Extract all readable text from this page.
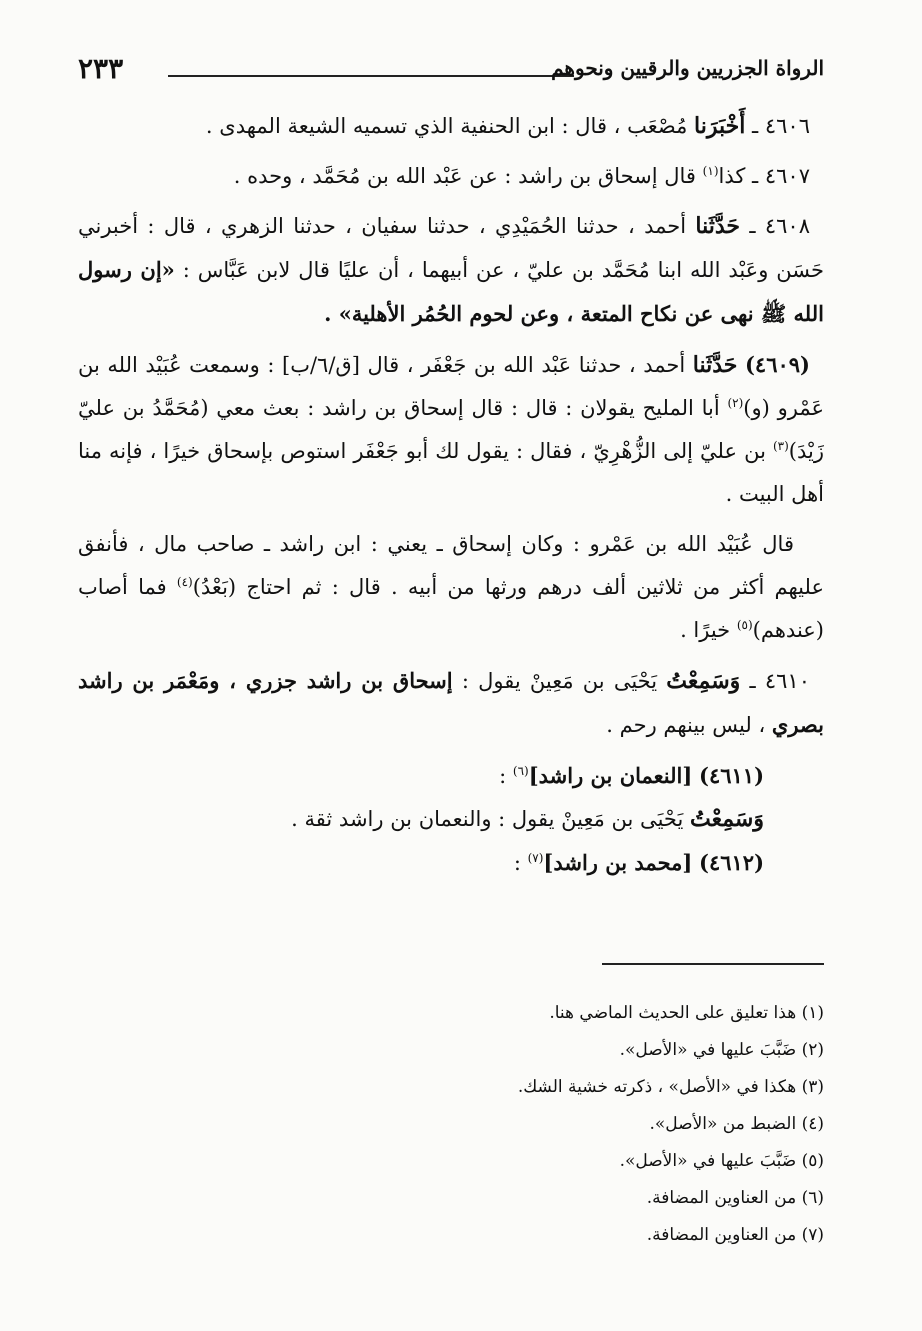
٢٣٣	الرواة الجزريين والرقيين ونحوهم

٤٦٠٦ ـ أَخْبَرَنا مُصْعَب ، قال : ابن الحنفية الذي تسميه الشيعة المهدى .

٤٦٠٧ ـ كذا$^{(١)}$ قال إسحاق بن راشد : عن عَبْد الله بن مُحَمَّد ، وحده .

٤٦٠٨ ـ حَدَّثَنا أحمد ، حدثنا الحُمَيْدِي ، حدثنا سفيان ، حدثنا الزهري ، قال : أخبرني حَسَن وعَبْد الله ابنا مُحَمَّد بن عليّ ، عن أبيهما ، أن عليًا قال لابن عَبَّاس : «إن رسول الله ﷺ نهى عن نكاح المتعة ، وعن لحوم الحُمُر الأهلية» .

(٤٦٠٩) حَدَّثَنا أحمد ، حدثنا عَبْد الله بن جَعْفَر ، قال [ق/٦/ب] : وسمعت عُبَيْد الله بن عَمْرو (و)$^{(٢)}$ أبا المليح يقولان : قال : قال إسحاق بن راشد : بعث معي (مُحَمَّدُ بن عليّ زَيْدَ)$^{(٣)}$ بن عليّ إلى الزُّهْرِيّ ، فقال : يقول لك أبو جَعْفَر استوص بإسحاق خيرًا ، فإنه منا أهل البيت .

قال عُبَيْد الله بن عَمْرو : وكان إسحاق ـ يعني : ابن راشد ـ صاحب مال ، فأنفق عليهم أكثر من ثلاثين ألف درهم ورثها من أبيه . قال : ثم احتاج (بَعْدُ)$^{(٤)}$ فما أصاب (عندهم)$^{(٥)}$ خيرًا .

٤٦١٠ ـ وَسَمِعْتُ يَحْيَى بن مَعِينْ يقول : إسحاق بن راشد جزري ، ومَعْمَر بن راشد بصري ، ليس بينهم رحم .

(٤٦١١) [النعمان بن راشد]$^{(٦)}$ :

وَسَمِعْتُ يَحْيَى بن مَعِينْ يقول : والنعمان بن راشد ثقة .

(٤٦١٢) [محمد بن راشد]$^{(٧)}$ :

(١) هذا تعليق على الحديث الماضي هنا.

(٢) ضَبَّبَ عليها في «الأصل».

(٣) هكذا في «الأصل» ، ذكرته خشية الشك.

(٤) الضبط من «الأصل».

(٥) ضَبَّبَ عليها في «الأصل».

(٦) من العناوين المضافة.

(٧) من العناوين المضافة.
